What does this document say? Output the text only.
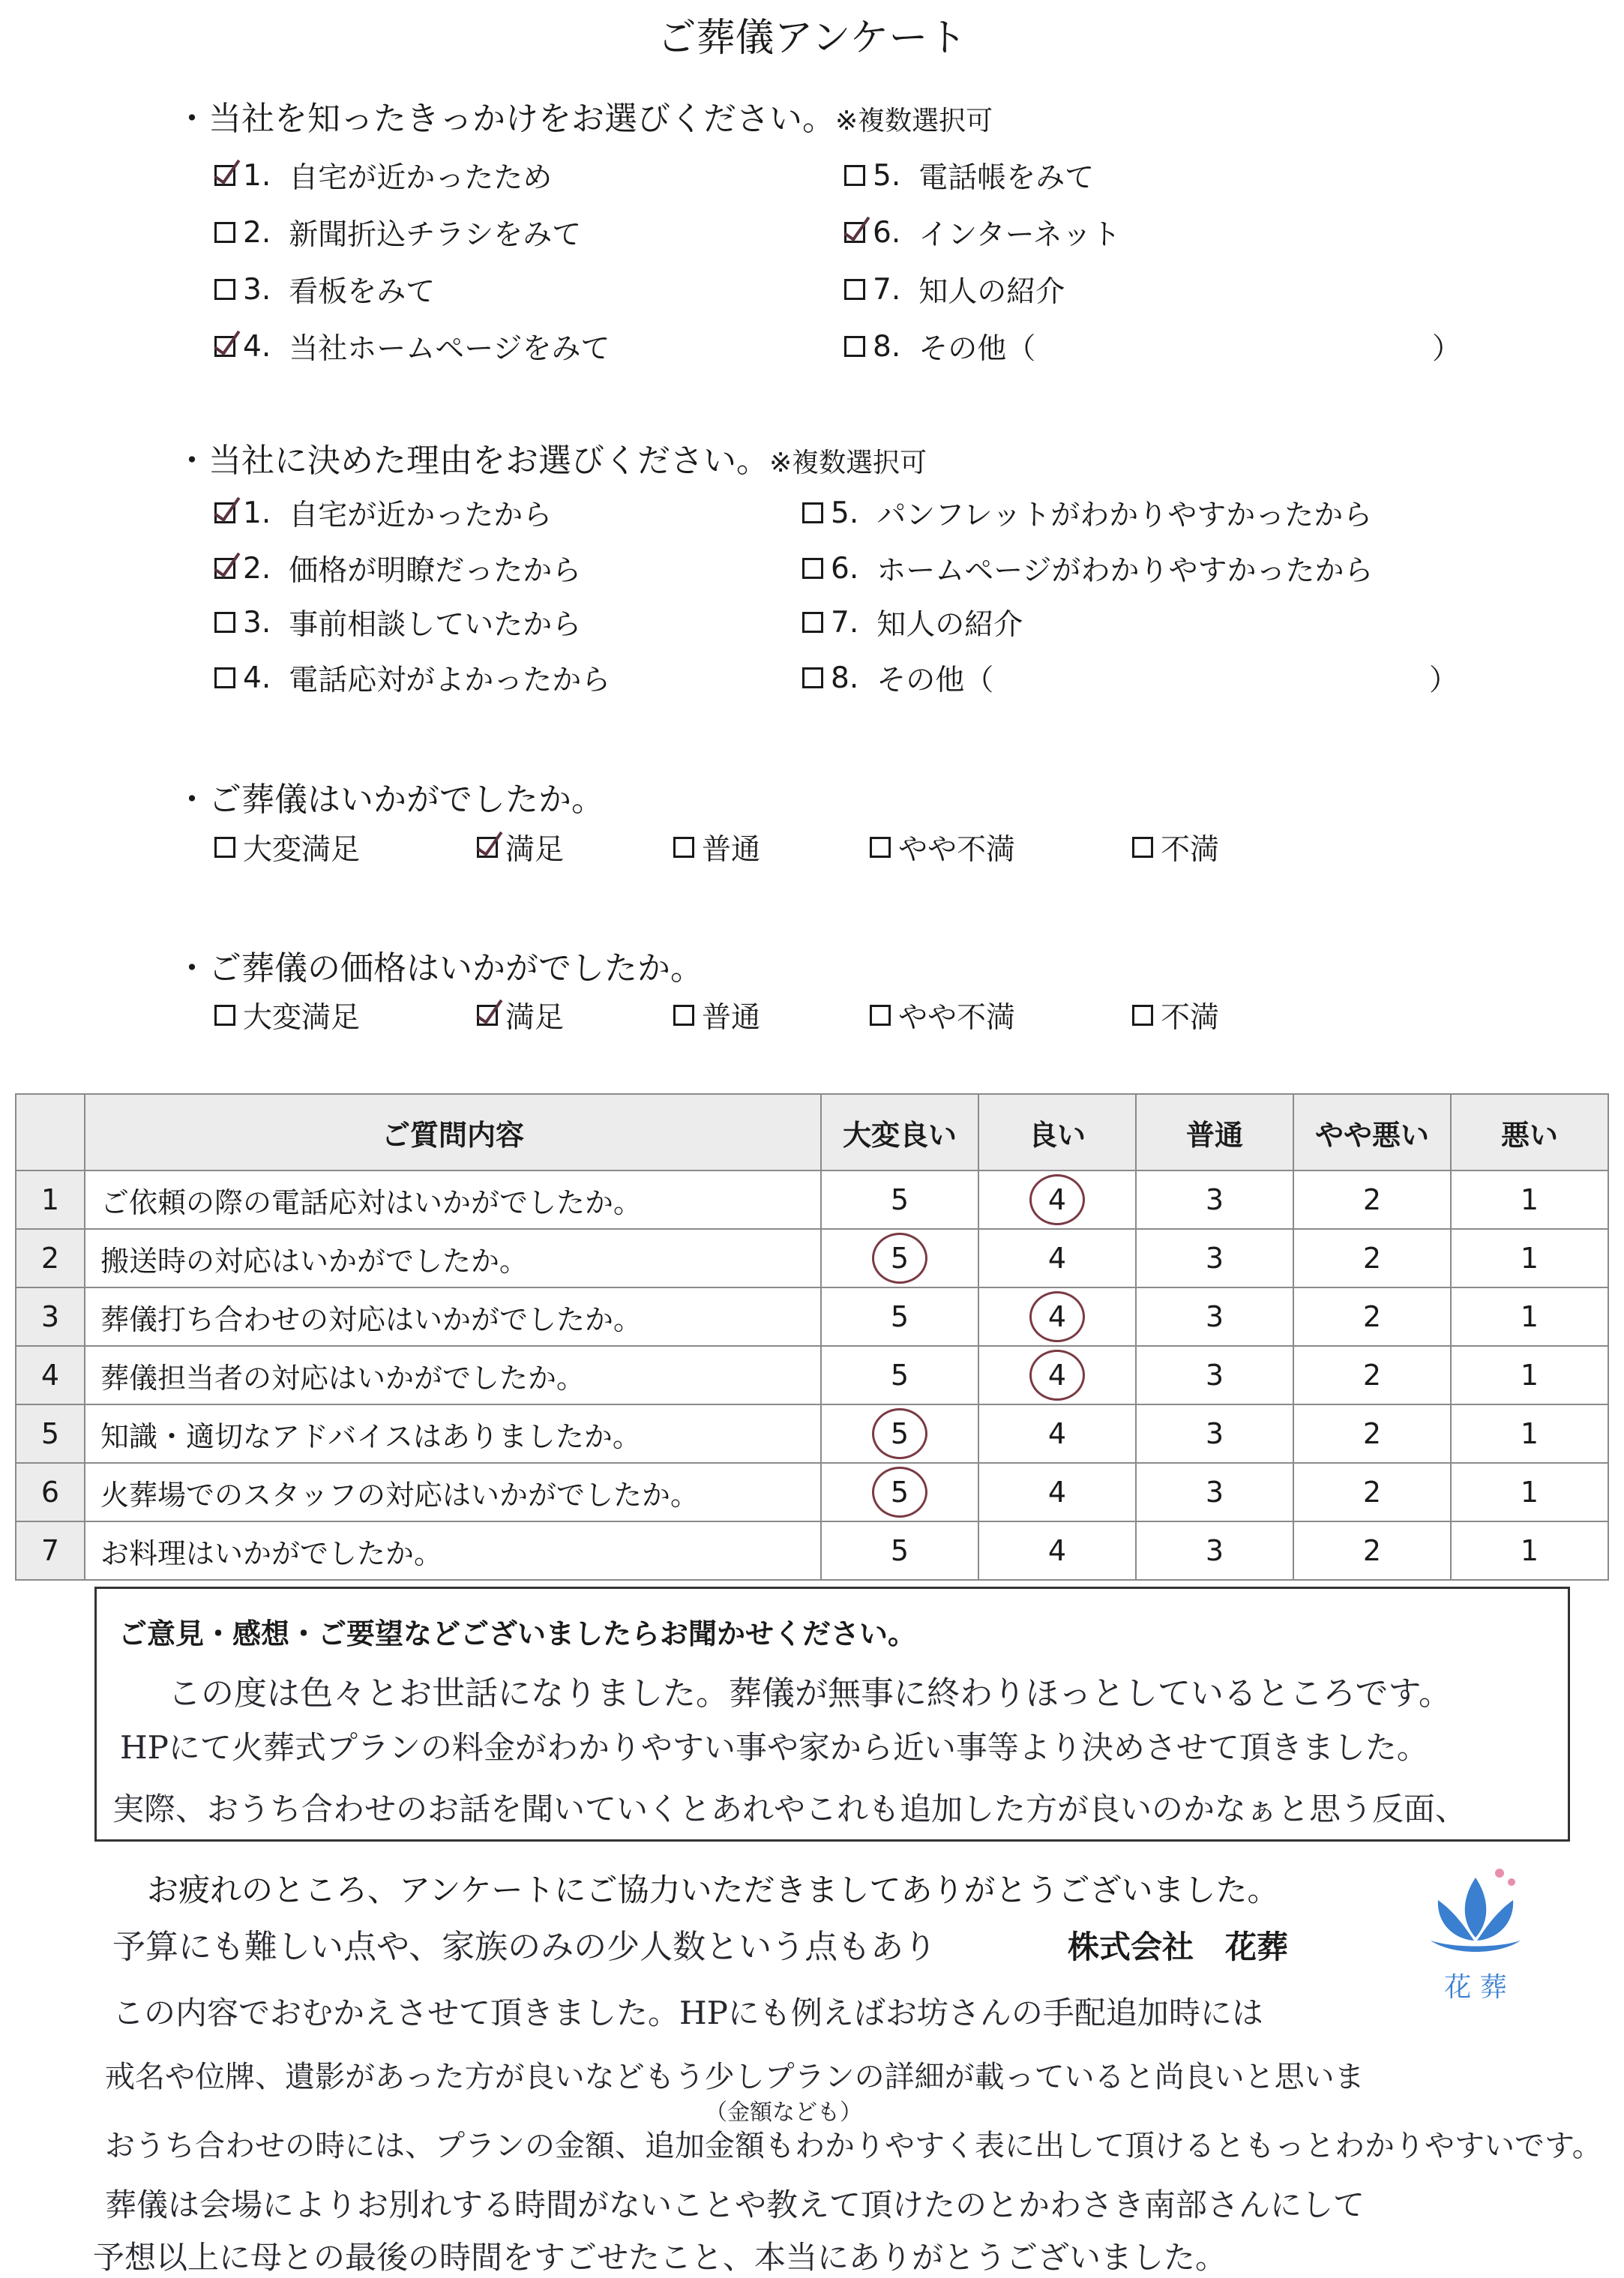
ご葬儀アンケート
・当社を知ったきっかけをお選びください。※複数選択可
1. 自宅が近かったため
2. 新聞折込チラシをみて
3. 看板をみて
4. 当社ホームページをみて
5. 電話帳をみて
6. インターネット
7. 知人の紹介
8. その他（	）
・当社に決めた理由をお選びください。※複数選択可
1. 自宅が近かったから
2. 価格が明瞭だったから
3. 事前相談していたから
4. 電話応対がよかったから
5. パンフレットがわかりやすかったから
6. ホームページがわかりやすかったから
7. 知人の紹介
8. その他（	）
・ご葬儀はいかがでしたか。
大変満足	満足	普通	やや不満	不満
・ご葬儀の価格はいかがでしたか。
大変満足	満足	普通	やや不満	不満
	ご質問内容	大変良い	良い	普通	やや悪い	悪い
1	ご依頼の際の電話応対はいかがでしたか。	5	4	3	2	1
2	搬送時の対応はいかがでしたか。	5	4	3	2	1
3	葬儀打ち合わせの対応はいかがでしたか。	5	4	3	2	1
4	葬儀担当者の対応はいかがでしたか。	5	4	3	2	1
5	知識・適切なアドバイスはありましたか。	5	4	3	2	1
6	火葬場でのスタッフの対応はいかがでしたか。	5	4	3	2	1
7	お料理はいかがでしたか。	5	4	3	2	1
ご意見・感想・ご要望などございましたらお聞かせください。
この度は色々とお世話になりました。葬儀が無事に終わりほっとしているところです。
HPにて火葬式プランの料金がわかりやすい事や家から近い事等より決めさせて頂きました。
実際、おうち合わせのお話を聞いていくとあれやこれも追加した方が良いのかなぁと思う反面、
お疲れのところ、アンケートにご協力いただきましてありがとうございました。
株式会社　花葬
花 葬
予算にも難しい点や、家族のみの少人数という点もあり
この内容でおむかえさせて頂きました。HPにも例えばお坊さんの手配追加時には
戒名や位牌、遺影があった方が良いなどもう少しプランの詳細が載っていると尚良いと思いま
（金額なども）
おうち合わせの時には、プランの金額、追加金額もわかりやすく表に出して頂けるともっとわかりやすいです。
葬儀は会場によりお別れする時間がないことや教えて頂けたのとかわさき南部さんにして
予想以上に母との最後の時間をすごせたこと、本当にありがとうございました。
